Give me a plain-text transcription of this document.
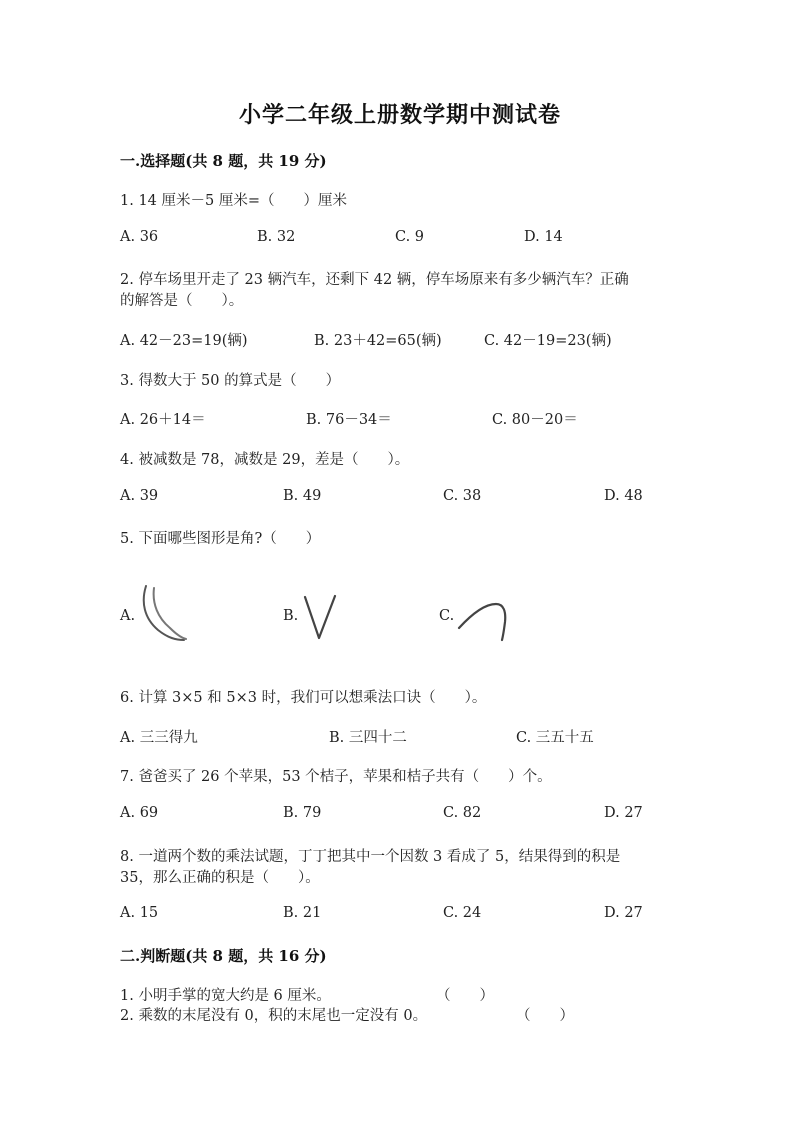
小学二年级上册数学期中测试卷
一.选择题(共 8 题，共 19 分)
1. 14 厘米－5 厘米=（　　）厘米
A. 36	B. 32	C. 9	D. 14
2. 停车场里开走了 23 辆汽车，还剩下 42 辆，停车场原来有多少辆汽车？正确
的解答是（　　）。
A. 42－23=19(辆)	B. 23＋42=65(辆)	C. 42－19=23(辆)
3. 得数大于 50 的算式是（　　）
A. 26＋14＝	B. 76－34＝	C. 80－20＝
4. 被减数是 78，减数是 29，差是（　　）。
A. 39	B. 49	C. 38	D. 48
5. 下面哪些图形是角?（　　）
A.	B.	C.
6. 计算 3×5 和 5×3 时，我们可以想乘法口诀（　　）。
A. 三三得九	B. 三四十二	C. 三五十五
7. 爸爸买了 26 个苹果，53 个桔子，苹果和桔子共有（　　）个。
A. 69	B. 79	C. 82	D. 27
8. 一道两个数的乘法试题，丁丁把其中一个因数 3 看成了 5，结果得到的积是
35，那么正确的积是（　　）。
A. 15	B. 21	C. 24	D. 27
二.判断题(共 8 题，共 16 分)
1. 小明手掌的宽大约是 6 厘米。	（　　）
2. 乘数的末尾没有 0，积的末尾也一定没有 0。	（　　）
